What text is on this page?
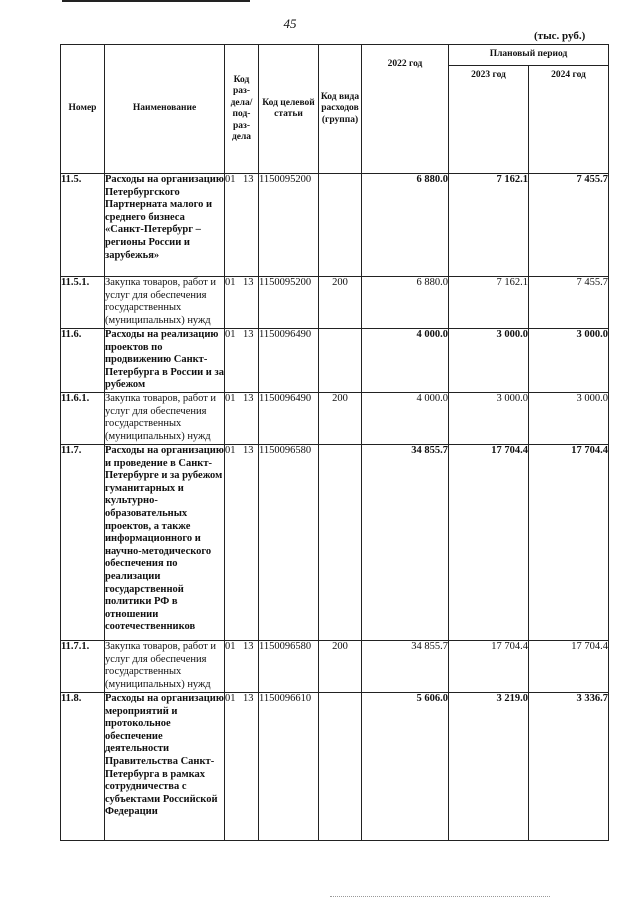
45
(тыс. руб.)
Номер	Наименование	Код раз- дела/ под- раз- дела	Код целевой статьи	Код вида расходов (группа)	2022 год	Плановый период	
						2023 год	2024 год
11.5.	Расходы на организацию Петербургского Партнерната малого и среднего бизнеса «Санкт-Петербург – регионы России и зарубежья»	01 13	1150095200		6 880.0	7 162.1	7 455.7
11.5.1.	Закупка товаров, работ и услуг для обеспечения государственных (муниципальных) нужд	01 13	1150095200	200	6 880.0	7 162.1	7 455.7
11.6.	Расходы на реализацию проектов по продвижению Санкт-Петербурга в России и за рубежом	01 13	1150096490		4 000.0	3 000.0	3 000.0
11.6.1.	Закупка товаров, работ и услуг для обеспечения государственных (муниципальных) нужд	01 13	1150096490	200	4 000.0	3 000.0	3 000.0
11.7.	Расходы на организацию и проведение в Санкт-Петербурге и за рубежом гуманитарных и культурно-образовательных проектов, а также информационного и научно-методического обеспечения по реализации государственной политики РФ в отношении соотечественников	01 13	1150096580		34 855.7	17 704.4	17 704.4
11.7.1.	Закупка товаров, работ и услуг для обеспечения государственных (муниципальных) нужд	01 13	1150096580	200	34 855.7	17 704.4	17 704.4
11.8.	Расходы на организацию мероприятий и протокольное обеспечение деятельности Правительства Санкт-Петербурга в рамках сотрудничества с субъектами Российской Федерации	01 13	1150096610		5 606.0	3 219.0	3 336.7
